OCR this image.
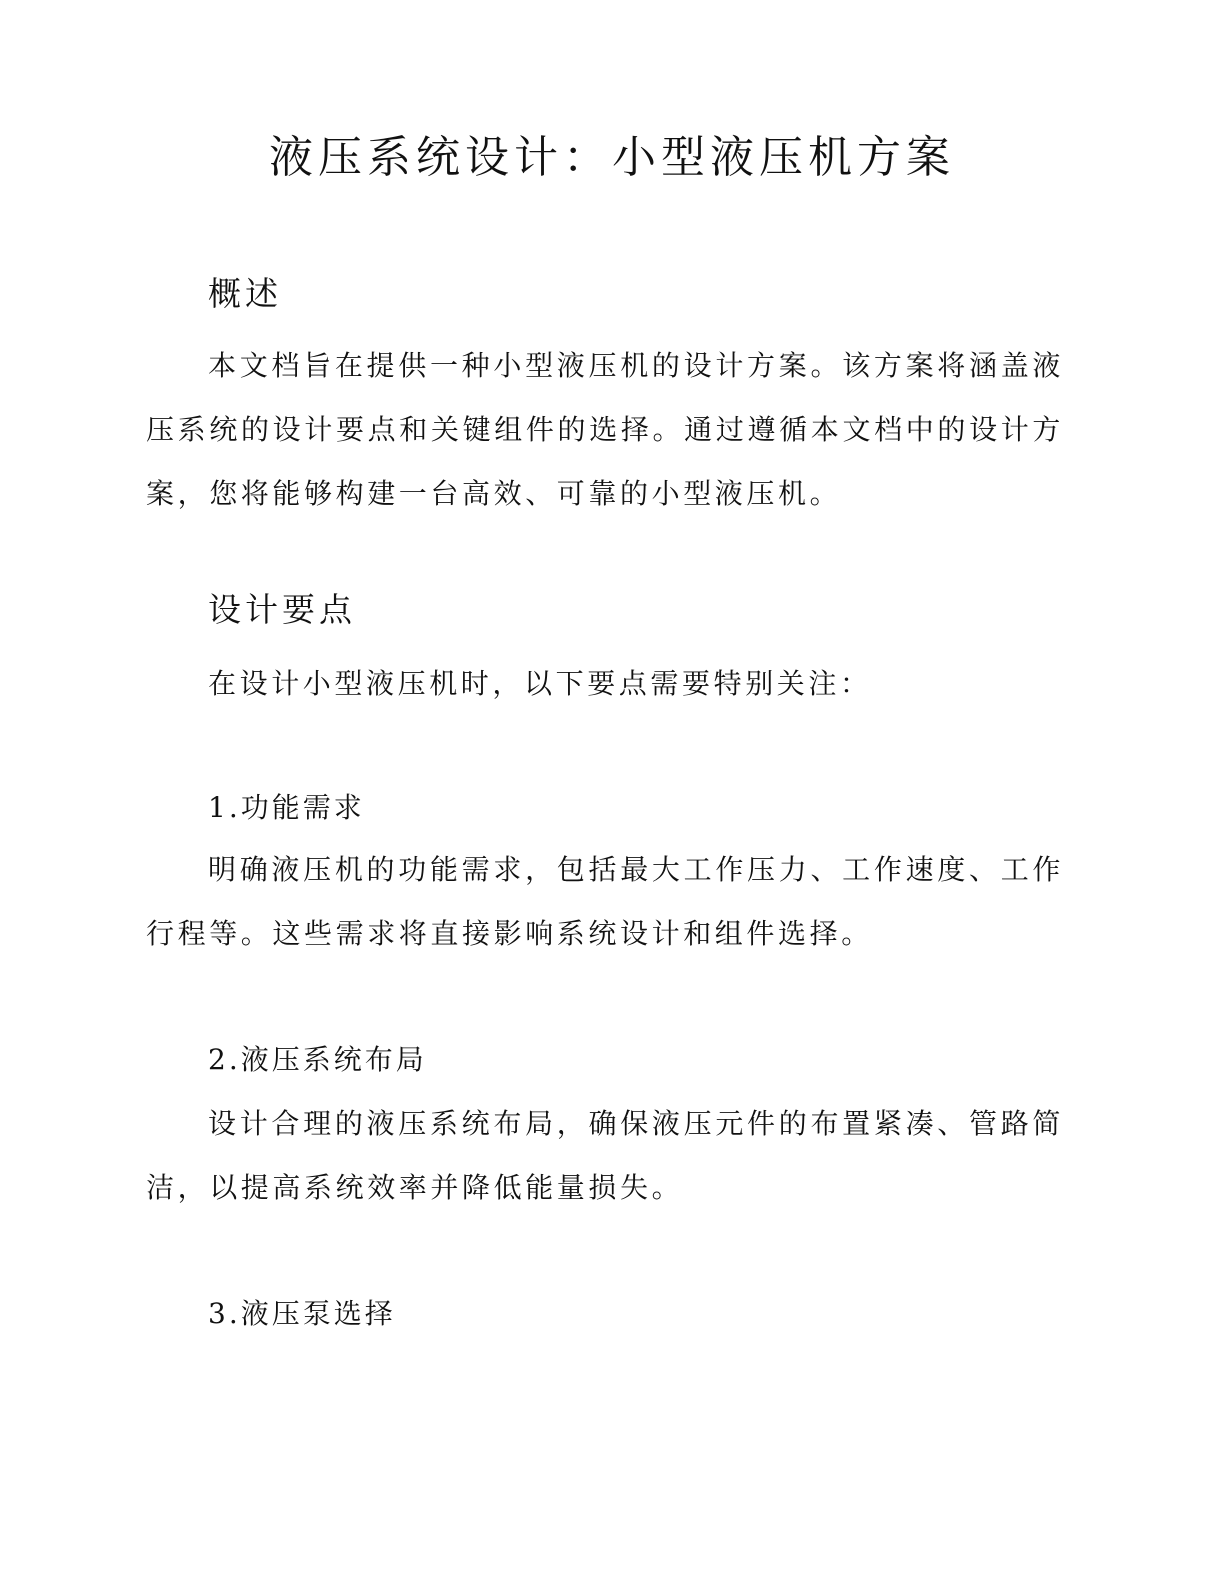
液压系统设计：小型液压机方案
概述
本文档旨在提供一种小型液压机的设计方案。该方案将涵盖液压系统的设计要点和关键组件的选择。通过遵循本文档中的设计方案，您将能够构建一台高效、可靠的小型液压机。
设计要点
在设计小型液压机时，以下要点需要特别关注：
1.功能需求
明确液压机的功能需求，包括最大工作压力、工作速度、工作行程等。这些需求将直接影响系统设计和组件选择。
2.液压系统布局
设计合理的液压系统布局，确保液压元件的布置紧凑、管路简洁，以提高系统效率并降低能量损失。
3.液压泵选择
